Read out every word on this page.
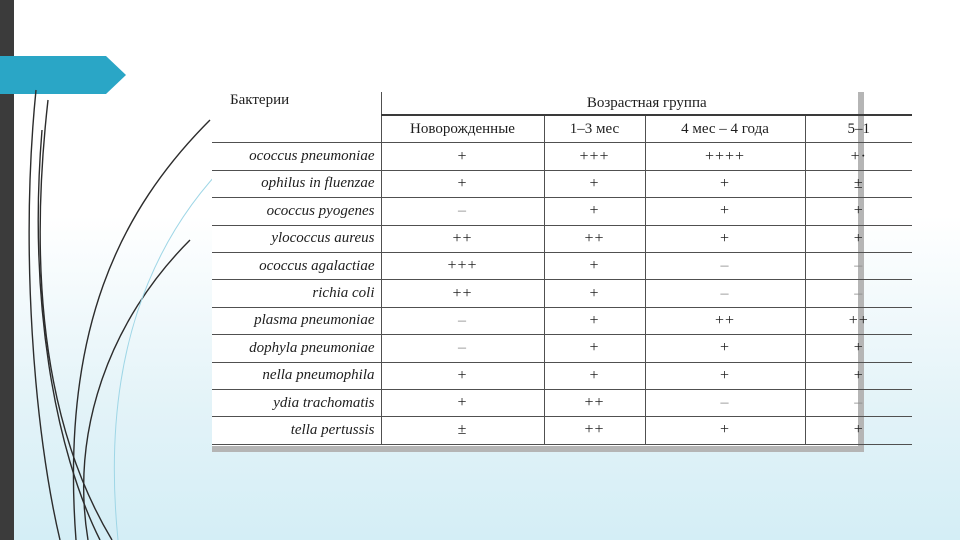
Бактерии	Возрастная группа			
	Новорожденные	1–3 мес	4 мес – 4 года	5–1
ococcus pneumoniae	+	+++	++++	+·
ophilus in fluenzae	+	+	+	±
ococcus pyogenes	–	+	+	+
ylococcus aureus	++	++	+	+
ococcus agalactiae	+++	+	–	–
richia coli	++	+	–	–
plasma pneumoniae	–	+	++	++
dophyla pneumoniae	–	+	+	+
nella pneumophila	+	+	+	+
ydia trachomatis	+	++	–	–
tella pertussis	±	++	+	+
